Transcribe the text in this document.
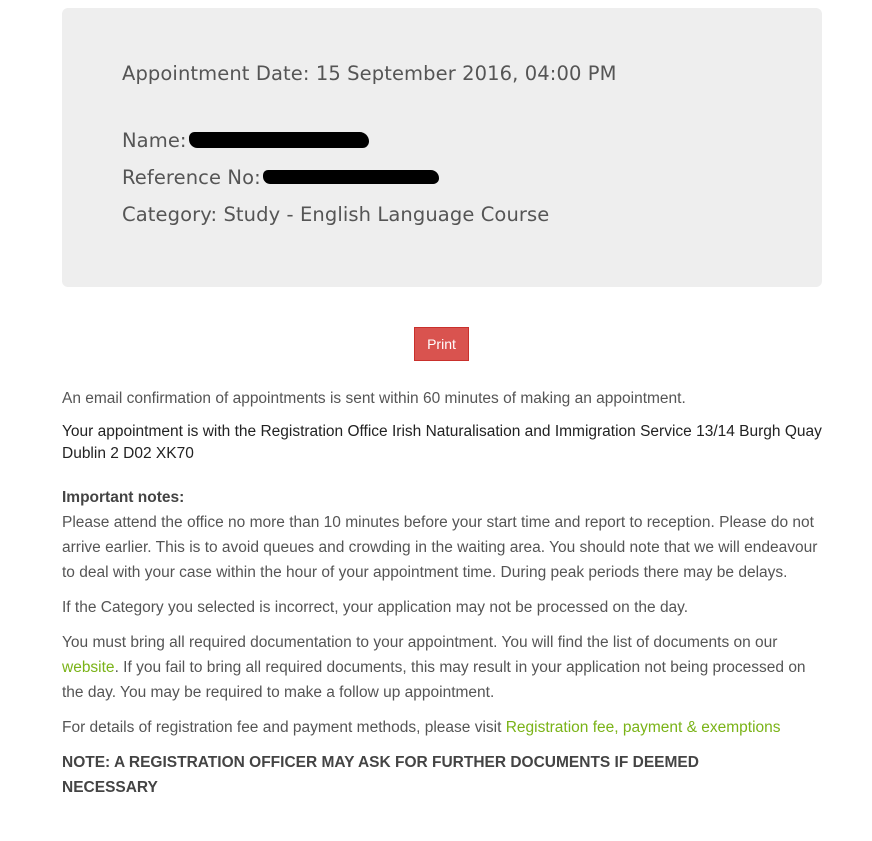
Appointment Date: 15 September 2016, 04:00 PM
Name:
Reference No:
Category: Study - English Language Course
Print
An email confirmation of appointments is sent within 60 minutes of making an appointment.
Your appointment is with the Registration Office Irish Naturalisation and Immigration Service 13/14 Burgh Quay Dublin 2 D02 XK70
Important notes:
Please attend the office no more than 10 minutes before your start time and report to reception. Please do not arrive earlier. This is to avoid queues and crowding in the waiting area. You should note that we will endeavour to deal with your case within the hour of your appointment time. During peak periods there may be delays.
If the Category you selected is incorrect, your application may not be processed on the day.
You must bring all required documentation to your appointment. You will find the list of documents on our website. If you fail to bring all required documents, this may result in your application not being processed on the day. You may be required to make a follow up appointment.
For details of registration fee and payment methods, please visit Registration fee, payment & exemptions
NOTE: A REGISTRATION OFFICER MAY ASK FOR FURTHER DOCUMENTS IF DEEMED NECESSARY
